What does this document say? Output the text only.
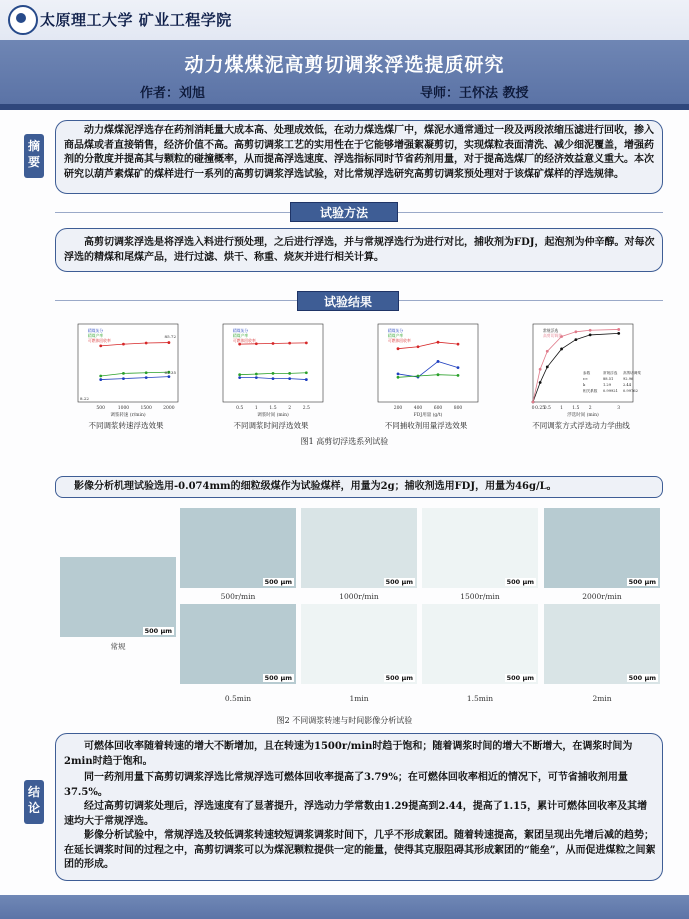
太原理工大学 矿业工程学院
动力煤煤泥高剪切调浆浮选提质研究
作者：刘旭	导师：王怀法 教授
摘要
动力煤煤泥浮选存在药剂消耗量大成本高、处理成效低，在动力煤选煤厂中，煤泥水通常通过一段及两段浓缩压滤进行回收，掺入商品煤或者直接销售，经济价值不高。高剪切调浆工艺的实用性在于它能够增强絮凝剪切，实现煤粒表面清洗、减少细泥覆盖，增强药剂的分散度并提高其与颗粒的碰撞概率，从而提高浮选速度、浮选指标同时节省药剂用量，对于提高选煤厂的经济效益意义重大。本次研究以葫芦素煤矿的煤样进行一系列的高剪切调浆浮选试验，对比常规浮选研究高剪切调浆预处理对于该煤矿煤样的浮选规律。
试验方法
高剪切调浆浮选是将浮选入料进行预处理，之后进行浮选，并与常规浮选行为进行对比，捕收剂为FDJ，起泡剂为仲辛醇。对每次浮选的精煤和尾煤产品，进行过滤、烘干、称重、烧灰并进行相关计算。
试验结果
500	1000	1500	2000
调浆转速 (r/min)
精煤灰分
精煤产率
可燃体回收率
85.72
62.35
8.22
0.5	1	1.5	2	2.5
调浆时间 (min)
精煤灰分
精煤产率
可燃体回收率
200	400	600	800
FDJ用量 (g/t)
精煤灰分
精煤产率
可燃体回收率
0 0.25
0.5 1 1.5 2	3
浮选时间 (min)
常规浮选
高剪切调浆
参数	常规浮选 高剪切调浆
ε∞	88.51	92.96
k	1.29	2.44
相关系数 0.99921 0.99762
不同调浆转速浮选效果	不同调浆时间浮选效果	不同捕收剂用量浮选效果	不同调浆方式浮选动力学曲线
图1 高剪切浮选系列试验
影像分析机理试验选用-0.074mm的细粒级煤作为试验煤样，用量为2g；捕收剂选用FDJ，用量为46g/L。
500 μm	500 μm	500 μm	500 μm
500r/min	1000r/min	1500r/min	2000r/min
500 μm
常规
500 μm	500 μm	500 μm	500 μm
0.5min	1min	1.5min	2min
图2 不同调浆转速与时间影像分析试验
结论
可燃体回收率随着转速的增大不断增加，且在转速为1500r/min时趋于饱和；随着调浆时间的增大不断增大，在调浆时间为2min时趋于饱和。
同一药剂用量下高剪切调浆浮选比常规浮选可燃体回收率提高了3.79%；在可燃体回收率相近的情况下，可节省捕收剂用量37.5%。
经过高剪切调浆处理后，浮选速度有了显著提升，浮选动力学常数由1.29提高到2.44，提高了1.15，累计可燃体回收率及其增速均大于常规浮选。
影像分析试验中，常规浮选及较低调浆转速较短调浆调浆时间下，几乎不形成絮团。随着转速提高，絮团呈现出先增后减的趋势；在延长调浆时间的过程之中，高剪切调浆可以为煤泥颗粒提供一定的能量，使得其克服阻碍其形成絮团的“能垒”，从而促进煤粒之间絮团的形成。
